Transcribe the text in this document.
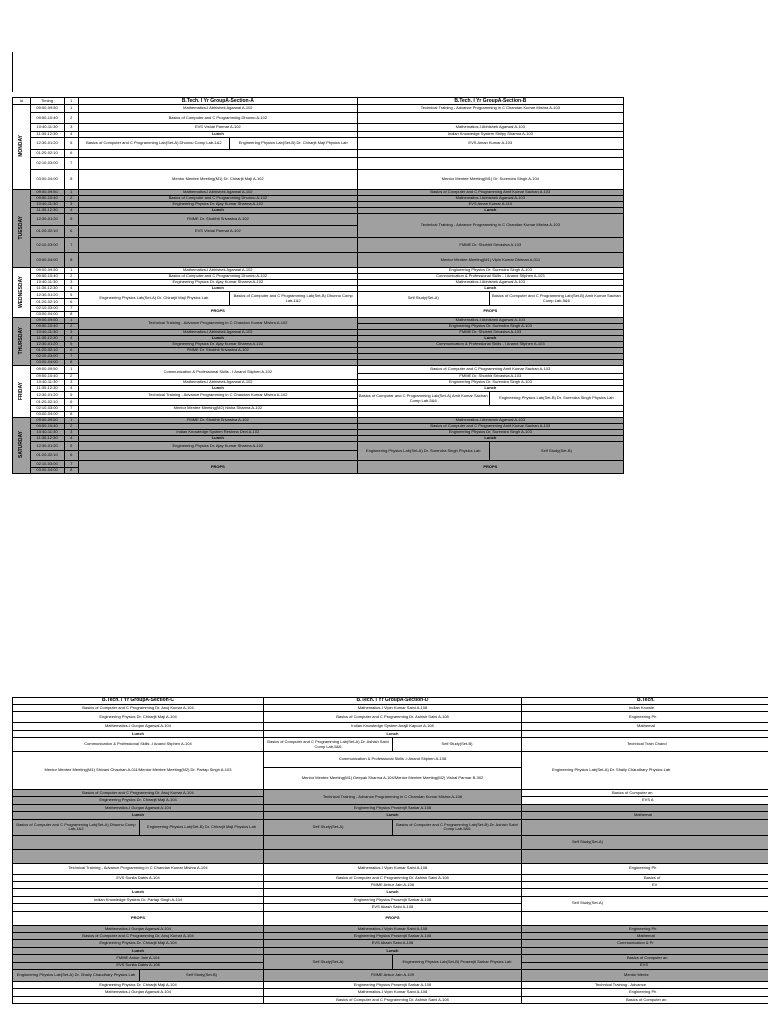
Id	Timing	1	B.Tech. I Yr GroupA-Section-A		B.Tech. I Yr GroupA-Section-B	
MONDAY	09:00-09:50	1	Mathematics-I Abhishek Agarwal A-102		Technical Training - Advance Programming in C Chandan Kumar Mishra A-103	
	09:50-10:40	2	Basics of Computer and C Programming Dhunnu A-102			
	10:40-11:30	3	EVS Vishal Parmar A-102		Mathematics-I Abhishek Agarwal A-103	
	11:30-12:30	4	Lunch		Indian Knowledge System Shilpy Sharma A-103	
	12:30-01:20	5	Basics of Computer and C Programming Lab(Set-A) Dhunnu Comp Lab-1&2	Engineering Physics Lab(Set-B) Dr. Chirarjit Maji Physics Lab	EVS Aman Kumar A-103	
	01:20-02:10	6				
	02:10-03:00	7				
	03:00-04:00	8	Mentor Mentee Meeting(M1) Dr. Chirarjit Maji A-102		Mentor Mentee Meeting(M1) Dr. Surendra Singh A-104	
TUESDAY	09:00-09:50	1	Mathematics-I Abhishek Agarwal A-102		Basics of Computer and C Programming Amit Kumar Sachan A-103	
	09:50-10:40	2	Basics of Computer and C Programming Dhunnu A-102		Mathematics-I Abhishek Agarwal A-103	
	10:40-11:30	3	Engineering Physics Dr. Ajay Kumar Sharma A-102		EVS Aman Kumar A-110	
	11:30-12:30	4	Lunch		Lunch	
	12:30-01:20	5	FMME Dr. Shobhit Srivastva A-102		Technical Training - Advance Programming in C Chandan Kumar Mishra A-103	
	01:20-02:10	6	EVS Vishal Parmar A-102			
	02:10-03:00	7			FMME Dr. Shobhit Srivastva A-103	
	03:00-04:00	8			Mentor Mentee Meeting(M1) Vipin Kumar Dhiman A-011	
WEDNESDAY	09:00-09:50	1	Mathematics-I Abhishek Agarwal A-102		Engineering Physics Dr. Surendra Singh A-103	
	09:50-10:40	2	Basics of Computer and C Programming Dhunnu A-102		Communication & Professional Skills - I Anand Stiphen A-103	
	10:40-11:30	3	Engineering Physics Dr. Ajay Kumar Sharma A-102		Mathematics-I Abhishek Agarwal A-103	
	11:30-12:30	4	Lunch		Lunch	
	12:30-01:20	5	Engineering Physics Lab(Set-A) Dr. Chirarjit Maji Physics Lab	Basics of Computer and C Programming Lab(Set-B) Dhunnu Comp Lab-1&2	Self Study(Set-A)	Basics of Computer and C Programming Lab(Set-B) Amit Kumar Sachan Comp Lab-5&6
	01:20-02:10	6				
	02:10-03:00	7	PROPS		PROPS	
	03:00-04:00	8				
THURSDAY	09:00-09:50	1	Technical Training - Advance Programming in C Chandan Kumar Mishra A-102		Mathematics-I Abhishek Agarwal A-103	
	09:50-10:40	2			Engineering Physics Dr. Surendra Singh A-103	
	10:40-11:30	3	Mathematics-I Abhishek Agarwal A-102		FMME Dr. Shobhit Srivastva A-103	
	11:30-12:30	4	Lunch		Lunch	
	12:30-01:20	5	Engineering Physics Dr. Ajay Kumar Sharma A-102		Communication & Professional Skills - I Anand Stiphen A-103	
	01:20-02:10	6	FMME Dr. Shobhit Srivastva A-102			
	02:10-03:00	7				
	03:00-04:00	8				
FRIDAY	09:00-09:50	1	Communication & Professional Skills - I Anand Stiphen A-102		Basics of Computer and C Programming Amit Kumar Sachan A-103	
	09:50-10:40	2			FMME Dr. Shobhit Srivastva A-103	
	10:40-11:30	3	Mathematics-I Abhishek Agarwal A-102		Engineering Physics Dr. Surendra Singh A-103	
	11:30-12:30	4	Lunch		Lunch	
	12:30-01:20	5	Technical Training - Advance Programming in C Chandan Kumar Mishra A-102		Basics of Computer and C Programming Lab(Set-A) Amit Kumar Sachan Comp Lab-5&6	Engineering Physics Lab(Set-B) Dr. Surendra Singh Physics Lab
	01:20-02:10	6				
	02:10-03:00	7	Mentor Mentee Meeting(M2) Nisha Sharma A-102			
	03:00-04:00	8				
SATURDAY	09:00-09:50	1	FMME Dr. Shobhit Srivastva A-102		Mathematics-I Abhishek Agarwal A-103	
	09:50-10:40	2			Basics of Computer and C Programming Amit Kumar Sachan A-103	
	10:40-11:30	3	Indian Knowledge System Reshma Devi A-102		Engineering Physics Dr. Surendra Singh A-103	
	11:30-12:30	4	Lunch		Lunch	
	12:30-01:20	5	Engineering Physics Dr. Ajay Kumar Sharma A-102		Engineering Physics Lab(Set-A) Dr. Surendra Singh Physics Lab	Self Study(Set-B)
	01:20-02:10	6				
	02:10-03:00	7	PROPS		PROPS	
	03:00-04:00	8				

B.Tech. I Yr GroupA-Section-C		B.Tech. I Yr GroupA-Section-D		B.Tech.
Basics of Computer and C Programming Dr. Anuj Kumar A-104		Mathematics-I Vipin Kumar Saini A-108		Indian Knowle
Engineering Physics Dr. Chirarjit Maji A-104		Basics of Computer and C Programming Dr. Ashish Saini A-108		Engineering Ph
Mathematics-I Gunjan Agarwal A-104		Indian Knowledge System Anajli Kapoor A-108		Mathemat
Lunch		Lunch		
Communication & Professional Skills -I Anand Stiphen A-104		Basics of Computer and C Programming Lab(Set-A) Dr. Ashish Saini Comp Lab-5&6	Self Study(Set-B)	Technical Train Chand
Mentor Mentee Meeting(M1) Shivani Chauhan A-011/Mentor Mentee Meeting(M2) Dr. Partap Singh A-103		Communication & Professional Skills -I Anand Stiphen A-108		Engineering Physics Lab(Set-A) Dr. Shaily Chaudhary Physics Lab
		Mentor Mentee Meeting(M1) Deepak Sharma A-104/Mentor Mentee Meeting(M2) Vishal Parmar B-302		
Basics of Computer and C Programming Dr. Anuj Kumar A-104		Technical Training - Advance Programming in C Chandan Kumar Mishra A-108		Basics of Computer an
Engineering Physics Dr. Chirarjit Maji A-104				EVS A
Mathematics-I Gunjan Agarwal A-104		Engineering Physics Prosenjit Sarkar A-108		
Lunch		Lunch		Mathemat
Basics of Computer and C Programming Lab(Set-A) Dhunnu Comp Lab-1&2	Engineering Physics Lab(Set-B) Dr. Chirarjit Maji Physics Lab	Self Study(Set-A)	Basics of Computer and C Programming Lab(Set-B) Dr. Ashish Saini Comp Lab-5&6	
				Self Study(Set-A)

Technical Training - Advance Programming in C Chandan Kumar Mishra A-104		Mathematics-I Vipin Kumar Saini A-108		Engineering Ph
EVS Sunita Dabis A-104		Basics of Computer and C Programming Dr. Ashish Saini A-108		Basics of
		FMME Ankur Jain A-108		EV
Lunch		Lunch		
Indian Knowledge System Dr. Partap Singh A-104		Engineering Physics Prosenjit Sarkar A-108		Self Study(Set-A)
		EVS Akash Saini A-108		
PROPS		PROPS		
Mathematics-I Gunjan Agarwal A-104		Mathematics-I Vipin Kumar Saini A-108		Engineering Ph
Basics of Computer and C Programming Dr. Anuj Kumar A-104		Engineering Physics Prosenjit Sarkar A-108		Mathemat
Engineering Physics Dr. Chirarjit Maji A-104		EVS Akash Saini A-108		Communication & Pr
Lunch		Lunch		
FMME Ankur Jain A-104		Self Study(Set-A)	Engineering Physics Lab(Set-B) Prosenjit Sarkar Physics Lab	Basics of Computer an
EVS Sunita Dabis A-108				EVS
Engineering Physics Lab(Set-A) Dr. Shaily Chaudhary Physics Lab	Self Study(Set-B)	FMME Ankur Jain A-109		Mentor Mente
Engineering Physics Dr. Chirarjit Maji A-104		Engineering Physics Prosenjit Sarkar A-108		Technical Training - Advance
Mathematics-I Gunjan Agarwal A-104		Mathematics-I Vipin Kumar Saini A-108		Engineering Ph
		Basics of Computer and C Programming Dr. Ashish Saini A-108		Basics of Computer an
